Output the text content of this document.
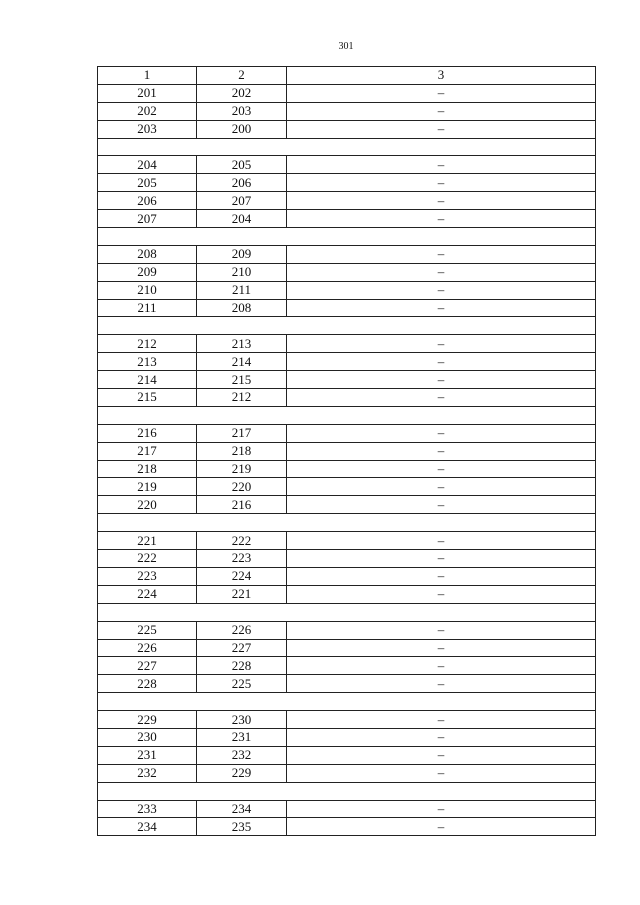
301
1	2	3
201	202	–
202	203	–
203	200	–

204	205	–
205	206	–
206	207	–
207	204	–

208	209	–
209	210	–
210	211	–
211	208	–

212	213	–
213	214	–
214	215	–
215	212	–

216	217	–
217	218	–
218	219	–
219	220	–
220	216	–

221	222	–
222	223	–
223	224	–
224	221	–

225	226	–
226	227	–
227	228	–
228	225	–

229	230	–
230	231	–
231	232	–
232	229	–

233	234	–
234	235	–
